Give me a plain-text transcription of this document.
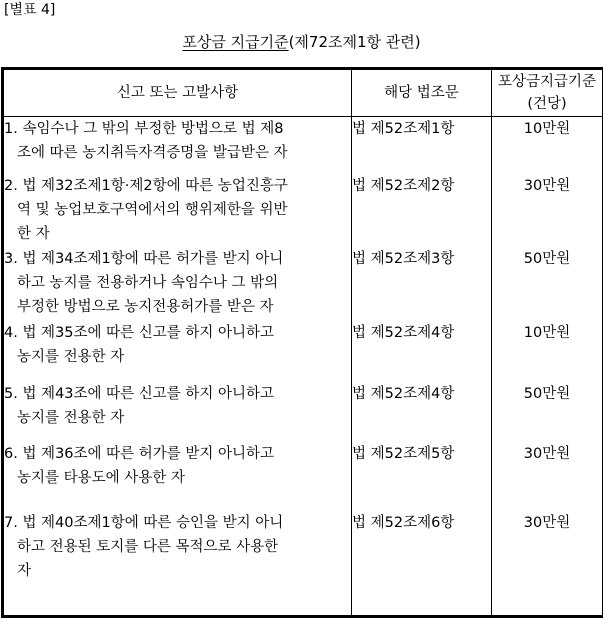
[별표 4]
포상금 지급기준(제72조제1항 관련)
신고 또는 고발사항	해당 법조문	포상금지급기준
(건당)

1. 속임수나 그 밖의 부정한 방법으로 법 제8
조에 따른 농지취득자격증명을 발급받은 자	법 제52조제1항	10만원

2. 법 제32조제1항·제2항에 따른 농업진흥구
역 및 농업보호구역에서의 행위제한을 위반
한 자	법 제52조제2항	30만원

3. 법 제34조제1항에 따른 허가를 받지 아니
하고 농지를 전용하거나 속임수나 그 밖의
부정한 방법으로 농지전용허가를 받은 자	법 제52조제3항	50만원

4. 법 제35조에 따른 신고를 하지 아니하고
농지를 전용한 자	법 제52조제4항	10만원

5. 법 제43조에 따른 신고를 하지 아니하고
농지를 전용한 자	법 제52조제4항	50만원

6. 법 제36조에 따른 허가를 받지 아니하고
농지를 타용도에 사용한 자	법 제52조제5항	30만원

7. 법 제40조제1항에 따른 승인을 받지 아니
하고 전용된 토지를 다른 목적으로 사용한
자	법 제52조제6항	30만원
